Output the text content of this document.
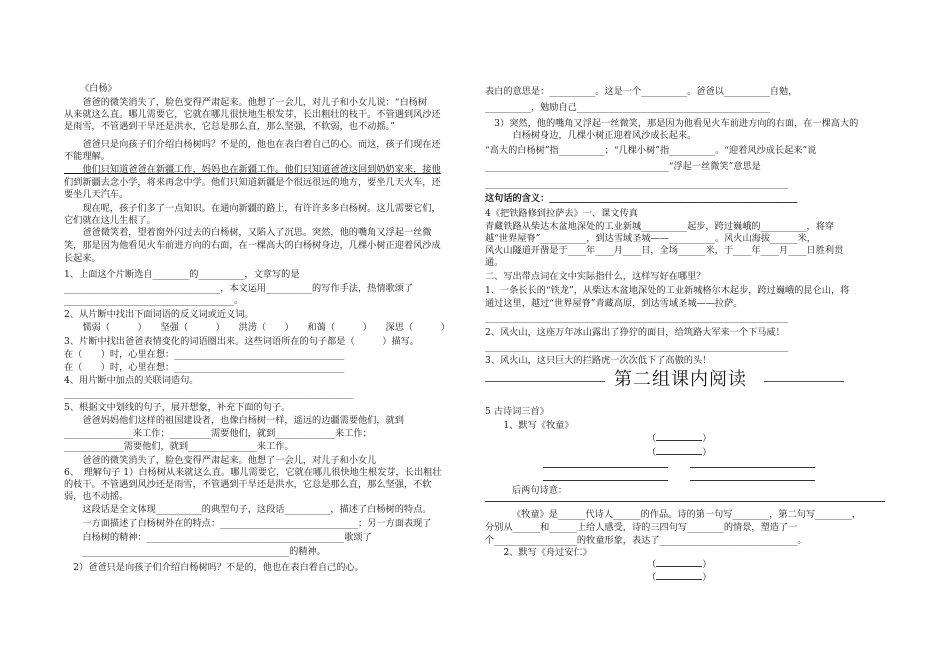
《白杨》
　　爸爸的微笑消失了，脸色变得严肃起来。他想了一会儿，对儿子和小女儿说：“白杨树
从来就这么直。哪儿需要它，它就在哪儿很快地生根发芽，长出粗壮的枝干。不管遇到风沙还
是雨雪，不管遇到干旱还是洪水，它总是那么直，那么坚强，不软弱，也不动摇。”
　　爸爸只是向孩子们介绍白杨树吗？不是的，他也在表白着自己的心。而这，孩子们现在还
不能理解。
　　他们只知道爸爸在新疆工作，妈妈也在新疆工作。他们只知道爸爸这回到奶奶家来，接他
们到新疆去念小学，将来再念中学。他们只知道新疆是个很远很远的地方，要坐几天火车，还
要坐几天汽车。
　　现在呢，孩子们多了一点知识。在通向新疆的路上，有许许多多白杨树。这儿需要它们，
它们就在这儿生根了。
　　爸爸微笑着，望着窗外闪过去的白杨树，又陷入了沉思。突然，他的嘴角又浮起一丝微
笑，那是因为他看见火车前进方向的右面，在一棵高大的白杨树身边，几棵小树正迎着风沙成
长起来。
1、上面这个片断选自________的__________，文章写的是
__________________________________，本文运用__________的写作手法，热情歌颂了
_____________________________________。
2、从片断中找出下面词语的反义词或近义词。
　　懦弱（　　　）　　坚强（　　　）　　洪涝（　　）　　和蔼（　　　）　　深思（　　　）
3、片断中找出爸爸表情变化的词语圈出来。这些词语所在的句子都是（　　　）描写。
在（　　）时，心里在想：_____________________________________
在（　　）时，心里在想：_____________________________________
4、用片断中加点的关联词造句。
_______________________________________________________________
5、根据文中划线的句子，展开想象，补充下面的句子。
　　爸爸妈妈他们这样的祖国建设者，也像白杨树一样，遥远的边疆需要他们，就到
_______________来工作；_________需要他们，就到_____________来工作；
_____________需要他们，就到_______________来工作。
　　爸爸的微笑消失了，脸色变得严肃起来。他想了一会儿，对儿子和小女儿
6、　理解句子 1）白杨树从来就这么直。哪儿需要它，它就在哪儿很快地生根发芽，长出粗壮
的枝干。不管遇到风沙还是雨雪，不管遇到干旱还是洪水，它总是那么直，那么坚强，不软
弱，也不动摇。
　　这段话是全文体现__________的典型句子，这段话__________，描述了白杨树的特点。
　　一方面描述了白杨树外在的特点：______________________________；另一方面表现了
　　白杨树的精神：___________________________________________歌颂了
　　_____________________________________________的精神。
　2）爸爸只是向孩子们介绍白杨树吗？不是的，他也在表白着自己的心。
表白的意思是：__________。这是一个__________。爸爸以__________自勉，
__________，勉励自己__________________________________________
　3）突然，他的嘴角又浮起一丝微笑，那是因为他看见火车前进方向的右面，在一棵高大的
　　　白杨树身边，几棵小树正迎着风沙成长起来。
“高大的白杨树”指__________；“几棵小树”指__________。“迎着风沙成长起来”说
________________________________________“浮起一丝微笑”意思是
__________________________________________________________________
这句话的含义：______________________________________________________
4《把铁路修到拉萨去》一、课文传真
青藏铁路从柴达木盆地深处的工业新城__________起步，跨过巍峨的__________，将穿
越“世界屋脊”__________，到达雪域圣城——__________。风火山海拔______米，
风火山隧道开凿是于____年____月____日，全场______米，于____年____月____日胜利贯
通。
二、写出带点词在文中实际指什么，这样写好在哪里？
1、一条长长的“铁龙”，从柴达木盆地深处的工业新城格尔木起步，跨过巍峨的昆仑山，将
通过这里，越过“世界屋脊”青藏高原，到达雪域圣城——拉萨。
__________________________________________________________________
2、风火山，这座万年冰山露出了狰狞的面目，给筑路大军来一个下马威！
__________________________________________________________________
3、风火山，这只巨大的拦路虎一次次低下了高傲的头！
第二组课内阅读
5 古诗词三首》
　　1、默写《牧童》
（	）
（	）
后两句诗意：
《牧童》是______代诗人______的作品。诗的第一句写________，第二句写________，
分别从______和______上给人感受，诗的三四句写________的情景，塑造了一
个__________________的牧童形象，表达了______________________________。
　　2、默写《舟过安仁》
（	）
（	）
